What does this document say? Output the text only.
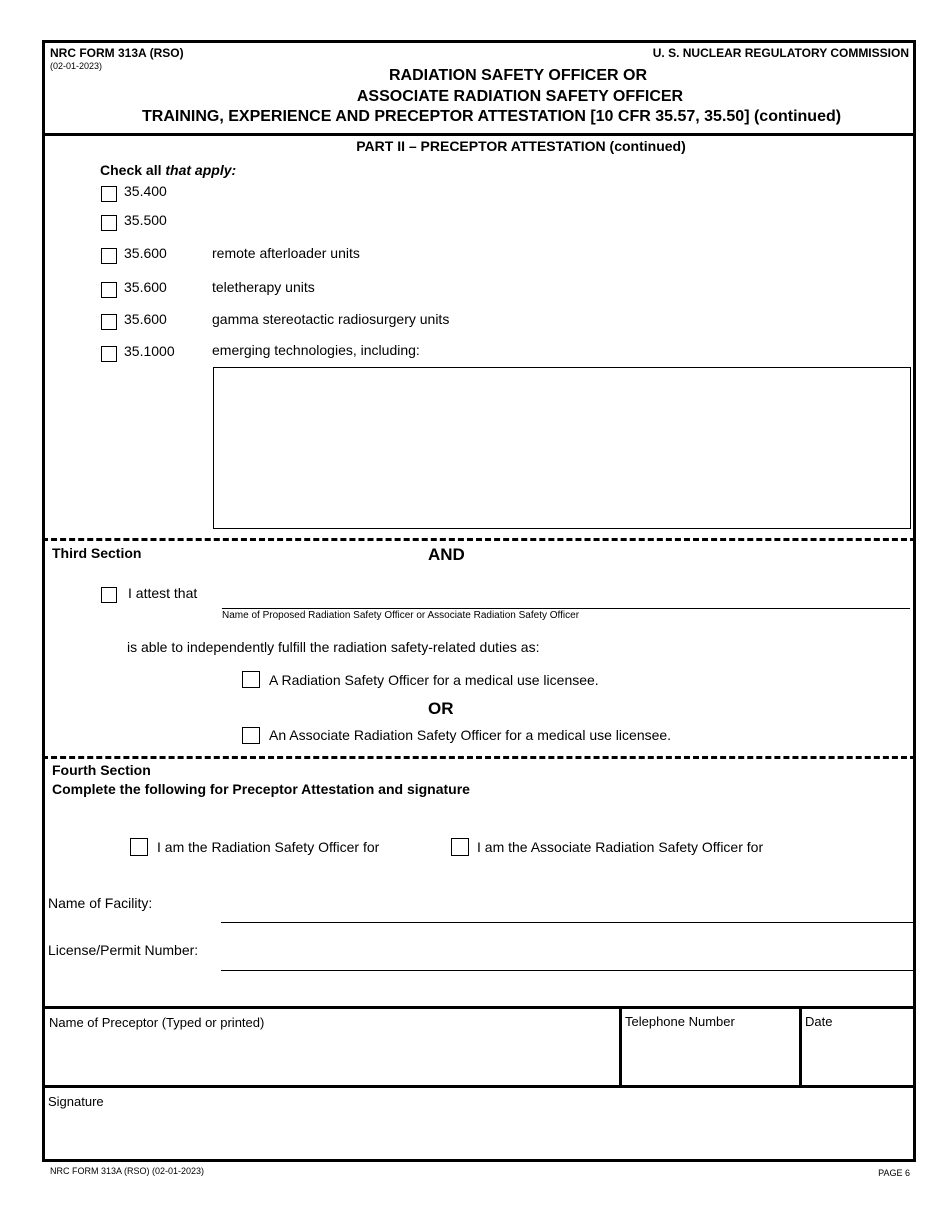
NRC FORM 313A (RSO)
(02-01-2023)
U. S. NUCLEAR REGULATORY COMMISSION
RADIATION SAFETY OFFICER OR
ASSOCIATE RADIATION SAFETY OFFICER
TRAINING, EXPERIENCE AND PRECEPTOR ATTESTATION [10 CFR 35.57, 35.50] (continued)
PART II – PRECEPTOR ATTESTATION (continued)
Check all that apply:
35.400
35.500
35.600	remote afterloader units
35.600	teletherapy units
35.600	gamma stereotactic radiosurgery units
35.1000	emerging technologies, including:
Third Section	AND
I attest that
Name of Proposed Radiation Safety Officer or Associate Radiation Safety Officer
is able to independently fulfill the radiation safety-related duties as:
A Radiation Safety Officer for a medical use licensee.
OR
An Associate Radiation Safety Officer for a medical use licensee.
Fourth Section
Complete the following for Preceptor Attestation and signature
I am the Radiation Safety Officer for	I am the Associate Radiation Safety Officer for
Name of Facility:
License/Permit Number:
Name of Preceptor (Typed or printed)	Telephone Number	Date
Signature
NRC FORM 313A (RSO) (02-01-2023)	PAGE 6
